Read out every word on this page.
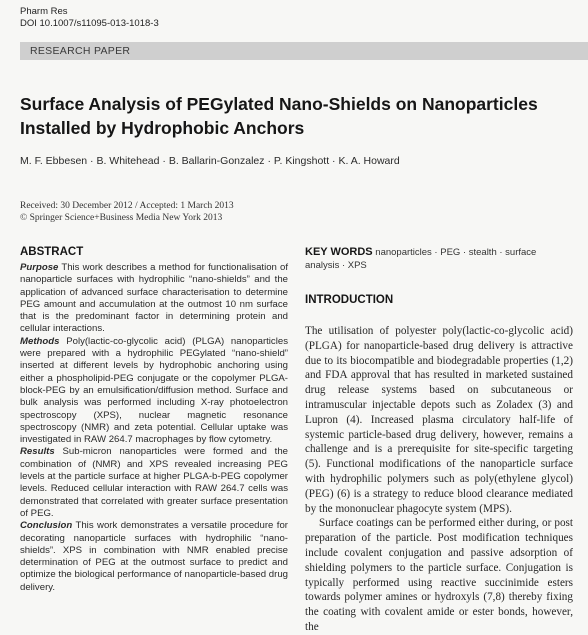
Pharm Res
DOI 10.1007/s11095-013-1018-3
RESEARCH PAPER
Surface Analysis of PEGylated Nano-Shields on Nanoparticles
Installed by Hydrophobic Anchors
M. F. Ebbesen · B. Whitehead · B. Ballarin-Gonzalez · P. Kingshott · K. A. Howard
Received: 30 December 2012 / Accepted: 1 March 2013
© Springer Science+Business Media New York 2013
ABSTRACT

Purpose This work describes a method for functionalisation of nanoparticle surfaces with hydrophilic “nano-shields” and the application of advanced surface characterisation to determine PEG amount and accumulation at the outmost 10 nm surface that is the predominant factor in determining protein and cellular interactions.

Methods Poly(lactic-co-glycolic acid) (PLGA) nanoparticles were prepared with a hydrophilic PEGylated “nano-shield” inserted at different levels by hydrophobic anchoring using either a phospholipid-PEG conjugate or the copolymer PLGA-block-PEG by an emulsification/diffusion method. Surface and bulk analysis was performed including X-ray photoelectron spectroscopy (XPS), nuclear magnetic resonance spectroscopy (NMR) and zeta potential. Cellular uptake was investigated in RAW 264.7 macrophages by flow cytometry.

Results Sub-micron nanoparticles were formed and the combination of (NMR) and XPS revealed increasing PEG levels at the particle surface at higher PLGA-b-PEG copolymer levels. Reduced cellular interaction with RAW 264.7 cells was demonstrated that correlated with greater surface presentation of PEG.

Conclusion This work demonstrates a versatile procedure for decorating nanoparticle surfaces with hydrophilic “nano-shields”. XPS in combination with NMR enabled precise determination of PEG at the outmost surface to predict and optimize the biological performance of nanoparticle-based drug delivery.

KEY WORDS nanoparticles · PEG · stealth · surface analysis · XPS
INTRODUCTION

The utilisation of polyester poly(lactic-co-glycolic acid) (PLGA) for nanoparticle-based drug delivery is attractive due to its biocompatible and biodegradable properties (1,2) and FDA approval that has resulted in marketed sustained drug release systems based on subcutaneous or intramuscular injectable depots such as Zoladex (3) and Lupron (4). Increased plasma circulatory half-life of systemic particle-based drug delivery, however, remains a challenge and is a prerequisite for site-specific targeting (5). Functional modifications of the nanoparticle surface with hydrophilic polymers such as poly(ethylene glycol) (PEG) (6) is a strategy to reduce blood clearance mediated by the mononuclear phagocyte system (MPS).

Surface coatings can be performed either during, or post preparation of the particle. Post modification techniques include covalent conjugation and passive adsorption of shielding polymers to the particle surface. Conjugation is typically performed using reactive succinimide esters towards polymer amines or hydroxyls (7,8) thereby fixing the coating with covalent amide or ester bonds, however, the
